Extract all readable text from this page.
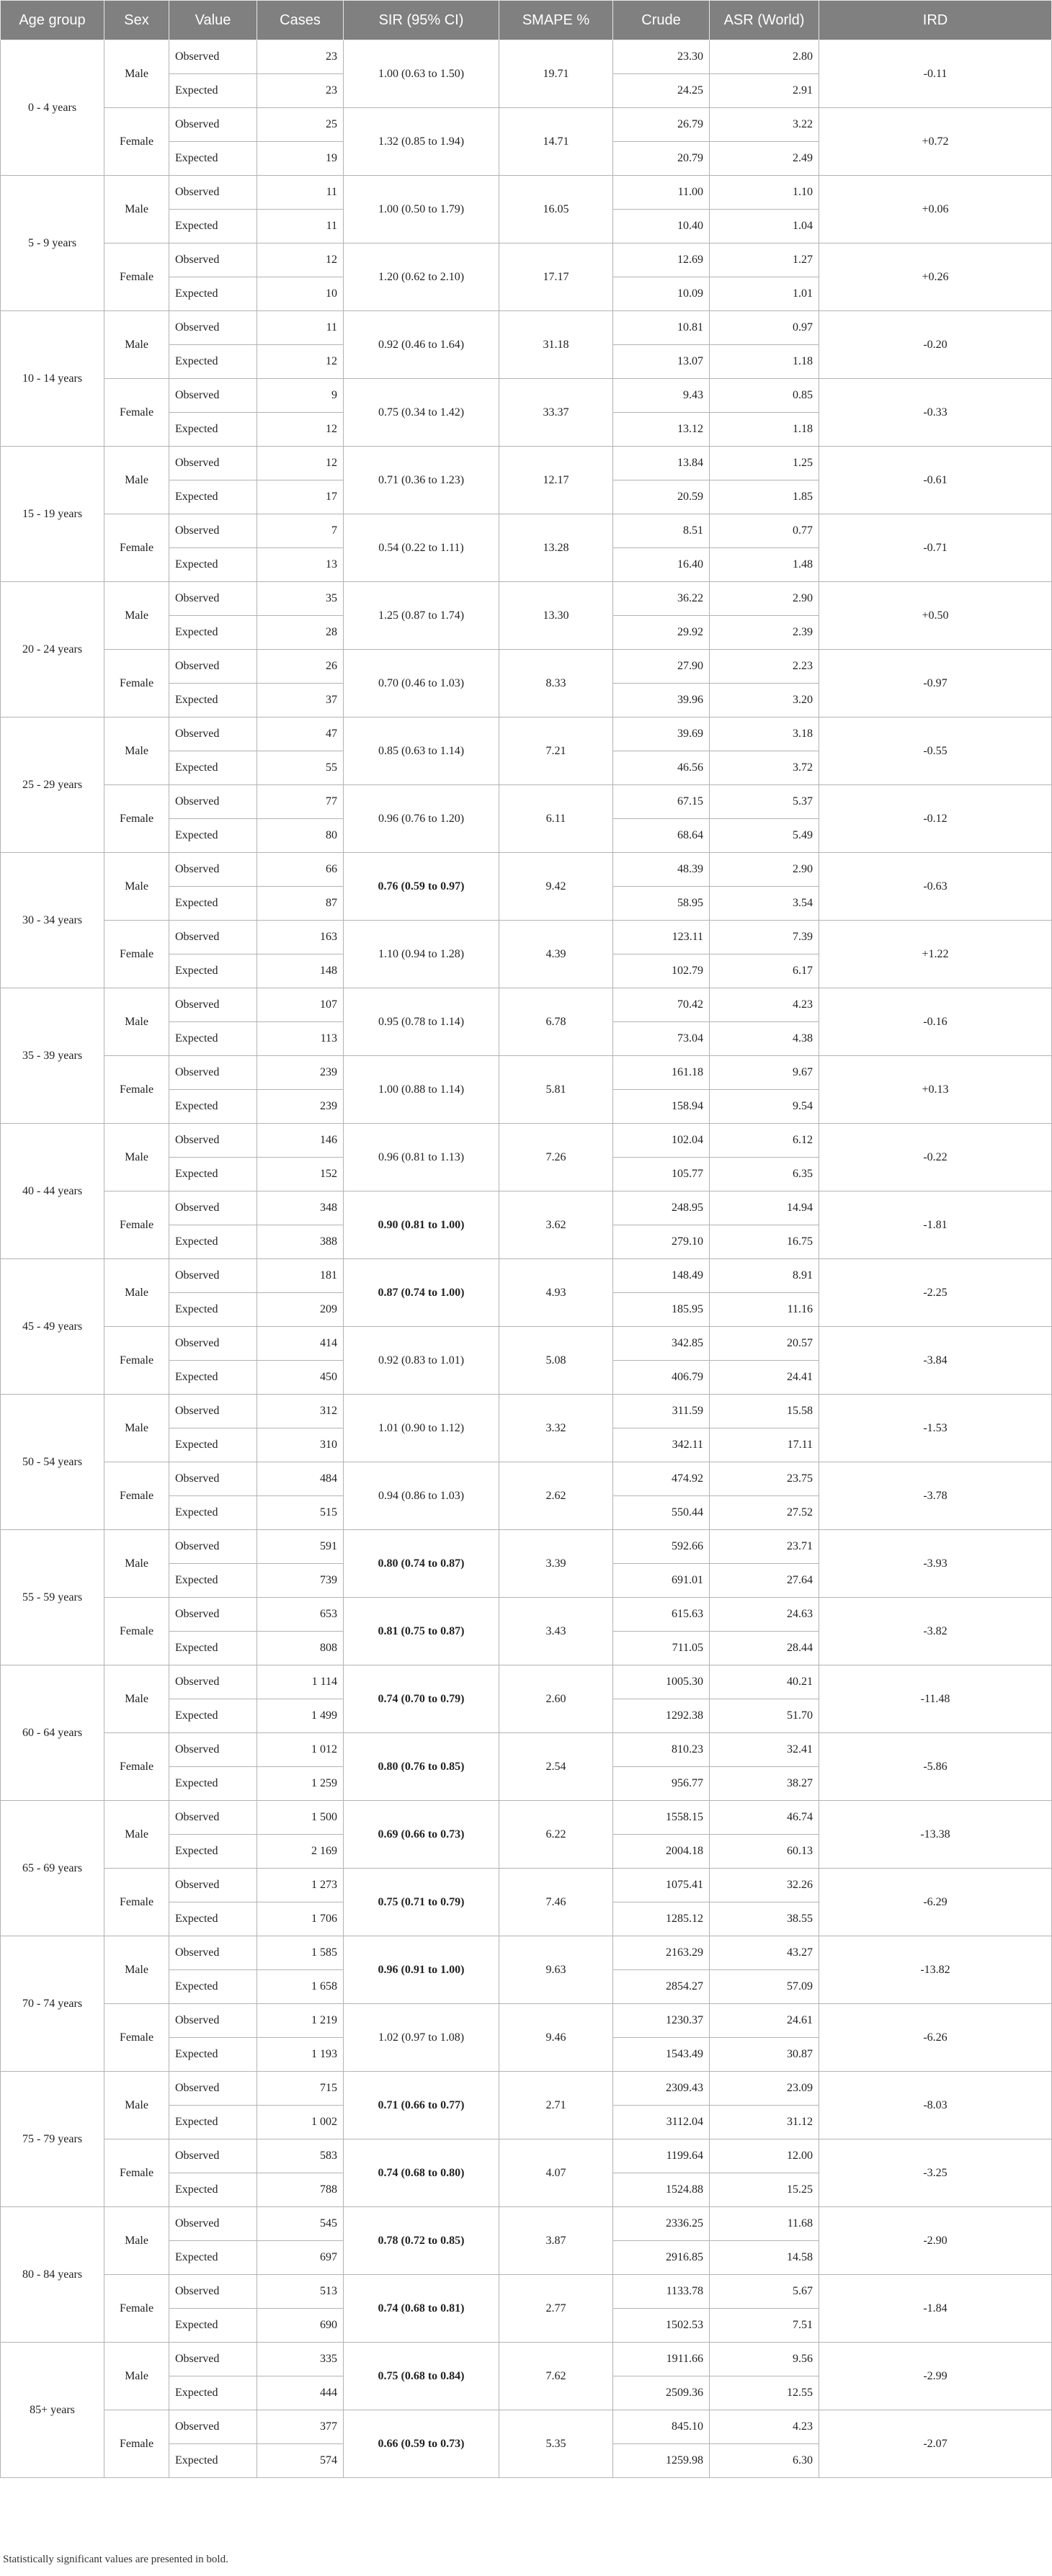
Age group	Sex	Value	Cases	SIR (95% CI)	SMAPE %	Crude	ASR (World)	IRD
0 - 4 years	Male	Observed	23	1.00 (0.63 to 1.50)	19.71	23.30	2.80	-0.11
		Expected	23			24.25	2.91	
	Female	Observed	25	1.32 (0.85 to 1.94)	14.71	26.79	3.22	+0.72
		Expected	19			20.79	2.49	
5 - 9 years	Male	Observed	11	1.00 (0.50 to 1.79)	16.05	11.00	1.10	+0.06
		Expected	11			10.40	1.04	
	Female	Observed	12	1.20 (0.62 to 2.10)	17.17	12.69	1.27	+0.26
		Expected	10			10.09	1.01	
10 - 14 years	Male	Observed	11	0.92 (0.46 to 1.64)	31.18	10.81	0.97	-0.20
		Expected	12			13.07	1.18	
	Female	Observed	9	0.75 (0.34 to 1.42)	33.37	9.43	0.85	-0.33
		Expected	12			13.12	1.18	
15 - 19 years	Male	Observed	12	0.71 (0.36 to 1.23)	12.17	13.84	1.25	-0.61
		Expected	17			20.59	1.85	
	Female	Observed	7	0.54 (0.22 to 1.11)	13.28	8.51	0.77	-0.71
		Expected	13			16.40	1.48	
20 - 24 years	Male	Observed	35	1.25 (0.87 to 1.74)	13.30	36.22	2.90	+0.50
		Expected	28			29.92	2.39	
	Female	Observed	26	0.70 (0.46 to 1.03)	8.33	27.90	2.23	-0.97
		Expected	37			39.96	3.20	
25 - 29 years	Male	Observed	47	0.85 (0.63 to 1.14)	7.21	39.69	3.18	-0.55
		Expected	55			46.56	3.72	
	Female	Observed	77	0.96 (0.76 to 1.20)	6.11	67.15	5.37	-0.12
		Expected	80			68.64	5.49	
30 - 34 years	Male	Observed	66	0.76 (0.59 to 0.97)	9.42	48.39	2.90	-0.63
		Expected	87			58.95	3.54	
	Female	Observed	163	1.10 (0.94 to 1.28)	4.39	123.11	7.39	+1.22
		Expected	148			102.79	6.17	
35 - 39 years	Male	Observed	107	0.95 (0.78 to 1.14)	6.78	70.42	4.23	-0.16
		Expected	113			73.04	4.38	
	Female	Observed	239	1.00 (0.88 to 1.14)	5.81	161.18	9.67	+0.13
		Expected	239			158.94	9.54	
40 - 44 years	Male	Observed	146	0.96 (0.81 to 1.13)	7.26	102.04	6.12	-0.22
		Expected	152			105.77	6.35	
	Female	Observed	348	0.90 (0.81 to 1.00)	3.62	248.95	14.94	-1.81
		Expected	388			279.10	16.75	
45 - 49 years	Male	Observed	181	0.87 (0.74 to 1.00)	4.93	148.49	8.91	-2.25
		Expected	209			185.95	11.16	
	Female	Observed	414	0.92 (0.83 to 1.01)	5.08	342.85	20.57	-3.84
		Expected	450			406.79	24.41	
50 - 54 years	Male	Observed	312	1.01 (0.90 to 1.12)	3.32	311.59	15.58	-1.53
		Expected	310			342.11	17.11	
	Female	Observed	484	0.94 (0.86 to 1.03)	2.62	474.92	23.75	-3.78
		Expected	515			550.44	27.52	
55 - 59 years	Male	Observed	591	0.80 (0.74 to 0.87)	3.39	592.66	23.71	-3.93
		Expected	739			691.01	27.64	
	Female	Observed	653	0.81 (0.75 to 0.87)	3.43	615.63	24.63	-3.82
		Expected	808			711.05	28.44	
60 - 64 years	Male	Observed	1 114	0.74 (0.70 to 0.79)	2.60	1005.30	40.21	-11.48
		Expected	1 499			1292.38	51.70	
	Female	Observed	1 012	0.80 (0.76 to 0.85)	2.54	810.23	32.41	-5.86
		Expected	1 259			956.77	38.27	
65 - 69 years	Male	Observed	1 500	0.69 (0.66 to 0.73)	6.22	1558.15	46.74	-13.38
		Expected	2 169			2004.18	60.13	
	Female	Observed	1 273	0.75 (0.71 to 0.79)	7.46	1075.41	32.26	-6.29
		Expected	1 706			1285.12	38.55	
70 - 74 years	Male	Observed	1 585	0.96 (0.91 to 1.00)	9.63	2163.29	43.27	-13.82
		Expected	1 658			2854.27	57.09	
	Female	Observed	1 219	1.02 (0.97 to 1.08)	9.46	1230.37	24.61	-6.26
		Expected	1 193			1543.49	30.87	
75 - 79 years	Male	Observed	715	0.71 (0.66 to 0.77)	2.71	2309.43	23.09	-8.03
		Expected	1 002			3112.04	31.12	
	Female	Observed	583	0.74 (0.68 to 0.80)	4.07	1199.64	12.00	-3.25
		Expected	788			1524.88	15.25	
80 - 84 years	Male	Observed	545	0.78 (0.72 to 0.85)	3.87	2336.25	11.68	-2.90
		Expected	697			2916.85	14.58	
	Female	Observed	513	0.74 (0.68 to 0.81)	2.77	1133.78	5.67	-1.84
		Expected	690			1502.53	7.51	
85+ years	Male	Observed	335	0.75 (0.68 to 0.84)	7.62	1911.66	9.56	-2.99
		Expected	444			2509.36	12.55	
	Female	Observed	377	0.66 (0.59 to 0.73)	5.35	845.10	4.23	-2.07
		Expected	574			1259.98	6.30	
Statistically significant values are presented in bold.
